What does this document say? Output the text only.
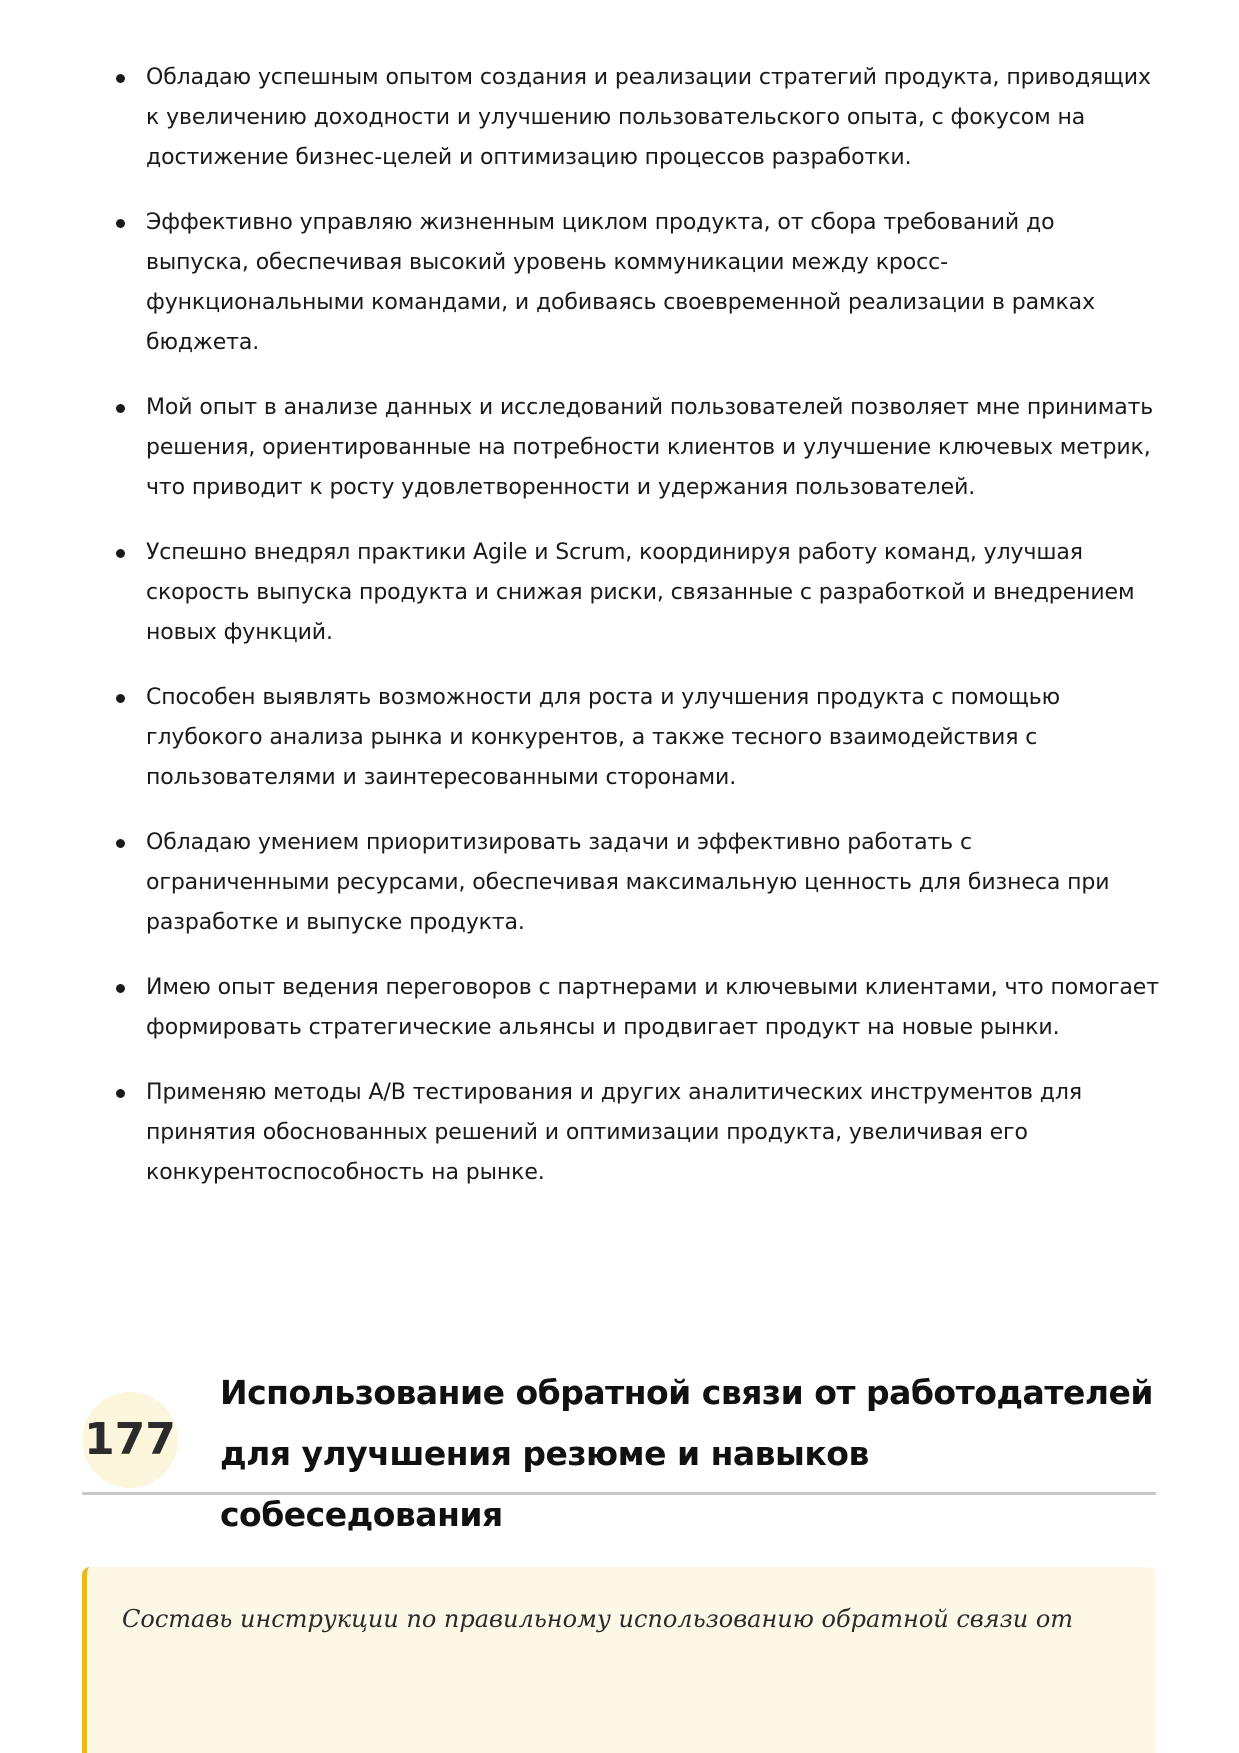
Обладаю успешным опытом создания и реализации стратегий продукта, приводящих к увеличению доходности и улучшению пользовательского опыта, с фокусом на достижение бизнес-целей и оптимизацию процессов разработки.
Эффективно управляю жизненным циклом продукта, от сбора требований до выпуска, обеспечивая высокий уровень коммуникации между кросс-функциональными командами, и добиваясь своевременной реализации в рамках бюджета.
Мой опыт в анализе данных и исследований пользователей позволяет мне принимать решения, ориентированные на потребности клиентов и улучшение ключевых метрик, что приводит к росту удовлетворенности и удержания пользователей.
Успешно внедрял практики Agile и Scrum, координируя работу команд, улучшая скорость выпуска продукта и снижая риски, связанные с разработкой и внедрением новых функций.
Способен выявлять возможности для роста и улучшения продукта с помощью глубокого анализа рынка и конкурентов, а также тесного взаимодействия с пользователями и заинтересованными сторонами.
Обладаю умением приоритизировать задачи и эффективно работать с ограниченными ресурсами, обеспечивая максимальную ценность для бизнеса при разработке и выпуске продукта.
Имею опыт ведения переговоров с партнерами и ключевыми клиентами, что помогает формировать стратегические альянсы и продвигает продукт на новые рынки.
Применяю методы A/B тестирования и других аналитических инструментов для принятия обоснованных решений и оптимизации продукта, увеличивая его конкурентоспособность на рынке.
177
Использование обратной связи от работодателей для улучшения резюме и навыков собеседования

Составь инструкции по правильному использованию обратной связи от
